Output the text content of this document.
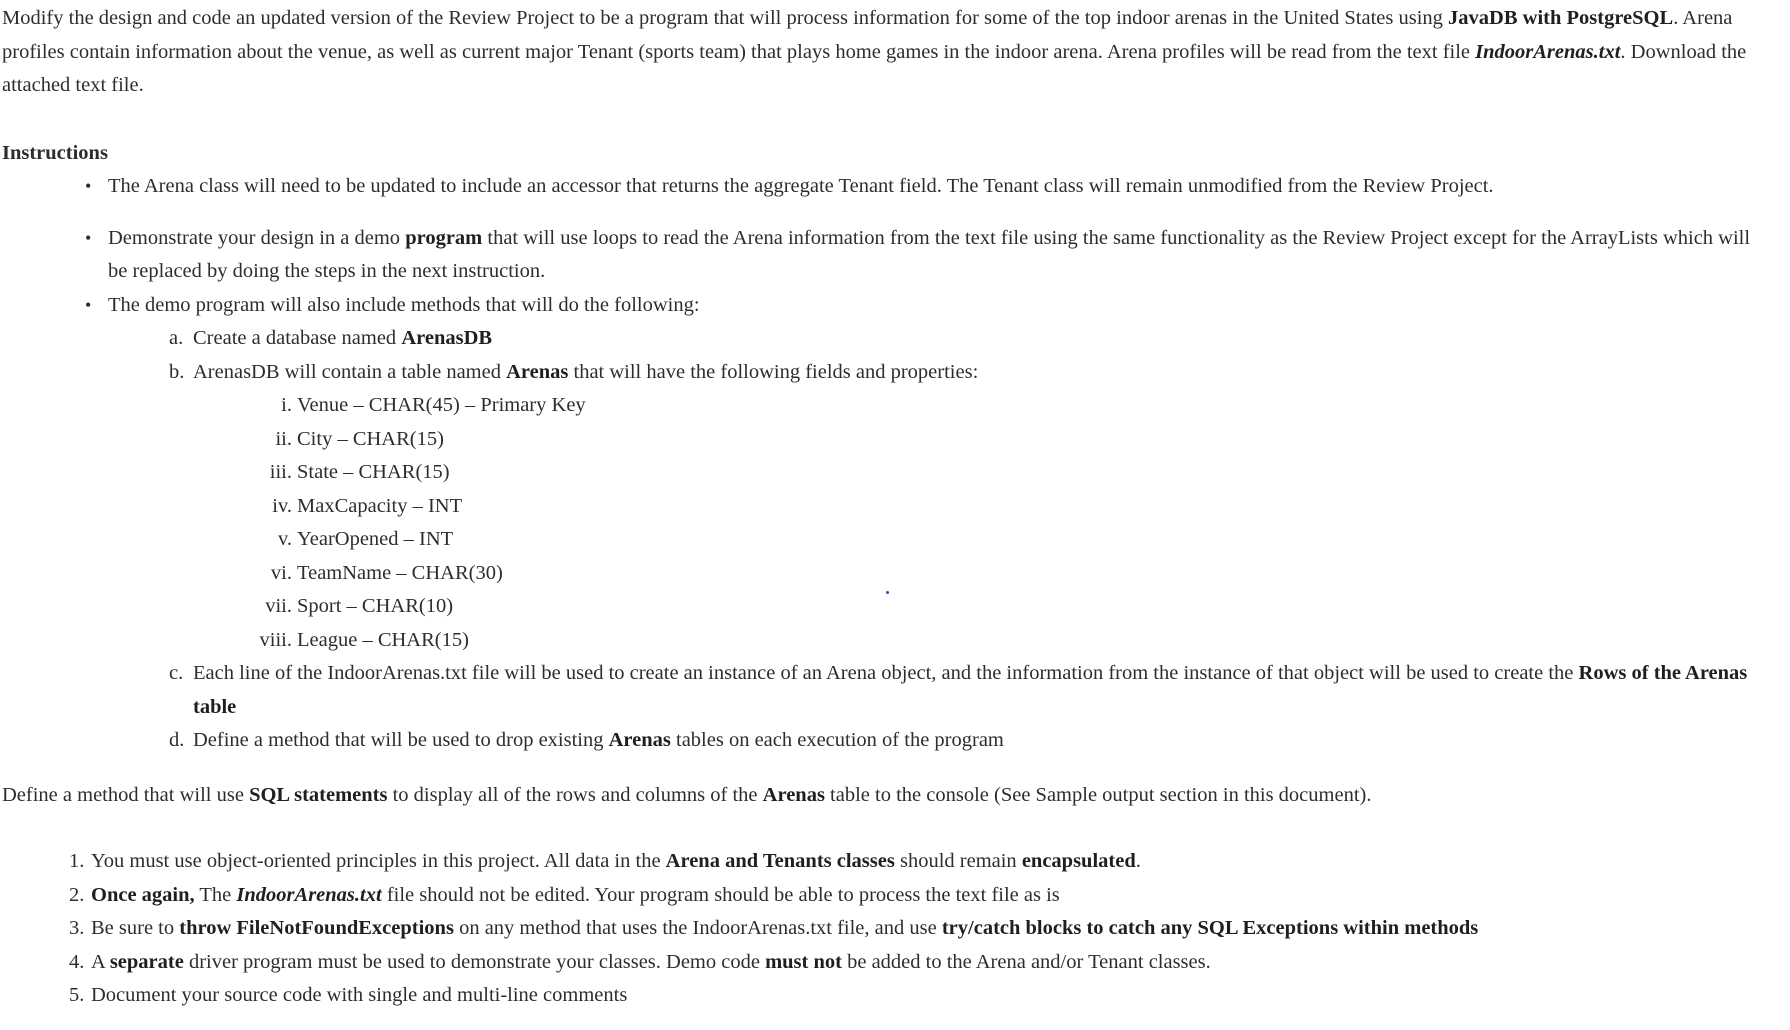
Modify the design and code an updated version of the Review Project to be a program that will process information for some of the top indoor arenas in the United States using JavaDB with PostgreSQL. Arena profiles contain information about the venue, as well as current major Tenant (sports team) that plays home games in the indoor arena. Arena profiles will be read from the text file IndoorArenas.txt. Download the attached text file.

Instructions

• The Arena class will need to be updated to include an accessor that returns the aggregate Tenant field. The Tenant class will remain unmodified from the Review Project.
• Demonstrate your design in a demo program that will use loops to read the Arena information from the text file using the same functionality as the Review Project except for the ArrayLists which will be replaced by doing the steps in the next instruction.
• The demo program will also include methods that will do the following:
a. Create a database named ArenasDB
b. ArenasDB will contain a table named Arenas that will have the following fields and properties:
i. Venue – CHAR(45) – Primary Key
ii. City – CHAR(15)
iii. State – CHAR(15)
iv. MaxCapacity – INT
v. YearOpened – INT
vi. TeamName – CHAR(30)
vii. Sport – CHAR(10)
viii. League – CHAR(15)
c. Each line of the IndoorArenas.txt file will be used to create an instance of an Arena object, and the information from the instance of that object will be used to create the Rows of the Arenas table
d. Define a method that will be used to drop existing Arenas tables on each execution of the program

Define a method that will use SQL statements to display all of the rows and columns of the Arenas table to the console (See Sample output section in this document).

1. You must use object-oriented principles in this project. All data in the Arena and Tenants classes should remain encapsulated.
2. Once again, The IndoorArenas.txt file should not be edited. Your program should be able to process the text file as is
3. Be sure to throw FileNotFoundExceptions on any method that uses the IndoorArenas.txt file, and use try/catch blocks to catch any SQL Exceptions within methods
4. A separate driver program must be used to demonstrate your classes. Demo code must not be added to the Arena and/or Tenant classes.
5. Document your source code with single and multi-line comments
